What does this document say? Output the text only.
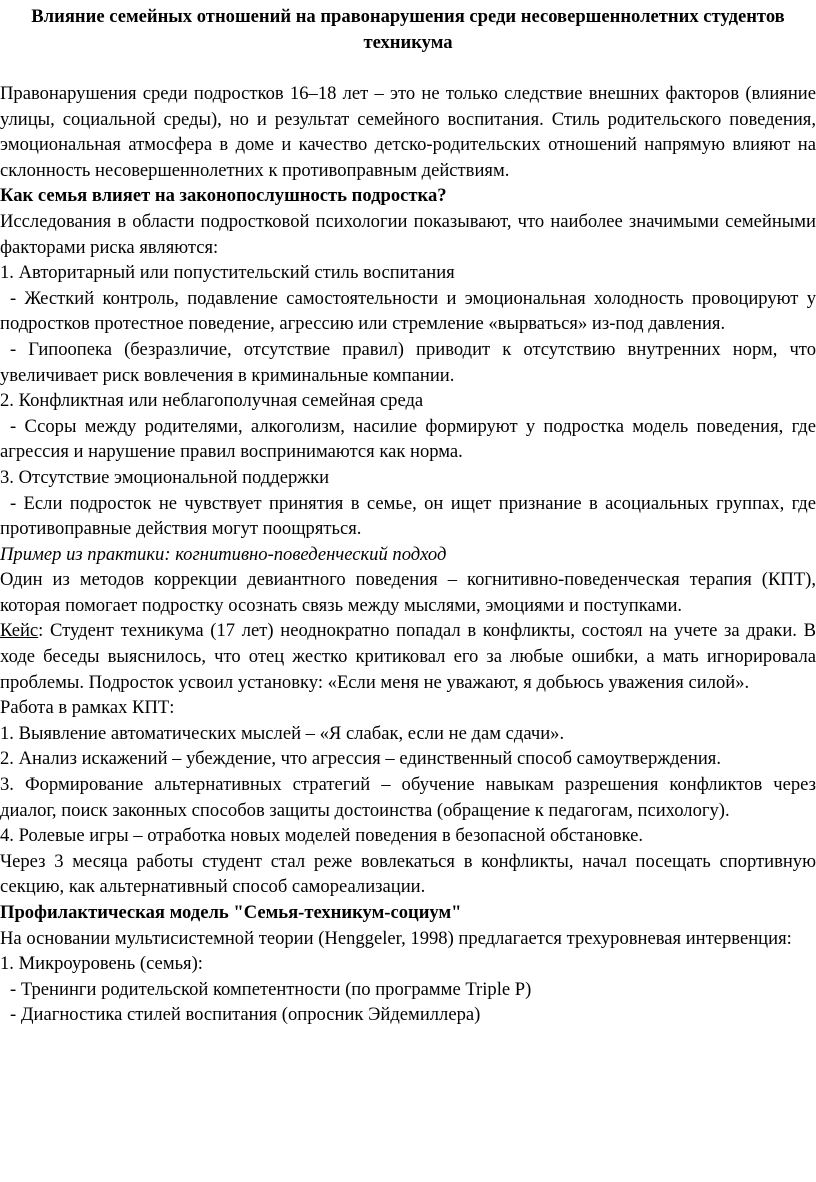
Влияние семейных отношений на правонарушения среди несовершеннолетних студентов техникума

Правонарушения среди подростков 16–18 лет – это не только следствие внешних факторов (влияние улицы, социальной среды), но и результат семейного воспитания. Стиль родительского поведения, эмоциональная атмосфера в доме и качество детско-родительских отношений напрямую влияют на склонность несовершеннолетних к противоправным действиям.

Как семья влияет на законопослушность подростка?

Исследования в области подростковой психологии показывают, что наиболее значимыми семейными факторами риска являются:

1. Авторитарный или попустительский стиль воспитания

- Жесткий контроль, подавление самостоятельности и эмоциональная холодность провоцируют у подростков протестное поведение, агрессию или стремление «вырваться» из-под давления.

- Гипоопека (безразличие, отсутствие правил) приводит к отсутствию внутренних норм, что увеличивает риск вовлечения в криминальные компании.

2. Конфликтная или неблагополучная семейная среда

- Ссоры между родителями, алкоголизм, насилие формируют у подростка модель поведения, где агрессия и нарушение правил воспринимаются как норма.

3. Отсутствие эмоциональной поддержки

- Если подросток не чувствует принятия в семье, он ищет признание в асоциальных группах, где противоправные действия могут поощряться.

Пример из практики: когнитивно-поведенческий подход

Один из методов коррекции девиантного поведения – когнитивно-поведенческая терапия (КПТ), которая помогает подростку осознать связь между мыслями, эмоциями и поступками.

Кейс: Студент техникума (17 лет) неоднократно попадал в конфликты, состоял на учете за драки. В ходе беседы выяснилось, что отец жестко критиковал его за любые ошибки, а мать игнорировала проблемы. Подросток усвоил установку: «Если меня не уважают, я добьюсь уважения силой».

Работа в рамках КПТ:

1. Выявление автоматических мыслей – «Я слабак, если не дам сдачи».

2. Анализ искажений – убеждение, что агрессия – единственный способ самоутверждения.

3. Формирование альтернативных стратегий – обучение навыкам разрешения конфликтов через диалог, поиск законных способов защиты достоинства (обращение к педагогам, психологу).

4. Ролевые игры – отработка новых моделей поведения в безопасной обстановке.

Через 3 месяца работы студент стал реже вовлекаться в конфликты, начал посещать спортивную секцию, как альтернативный способ самореализации.

Профилактическая модель "Семья-техникум-социум"

На основании мультисистемной теории (Henggeler, 1998) предлагается трехуровневая интервенция:

1. Микроуровень (семья):

- Тренинги родительской компетентности (по программе Triple P)

- Диагностика стилей воспитания (опросник Эйдемиллера)
